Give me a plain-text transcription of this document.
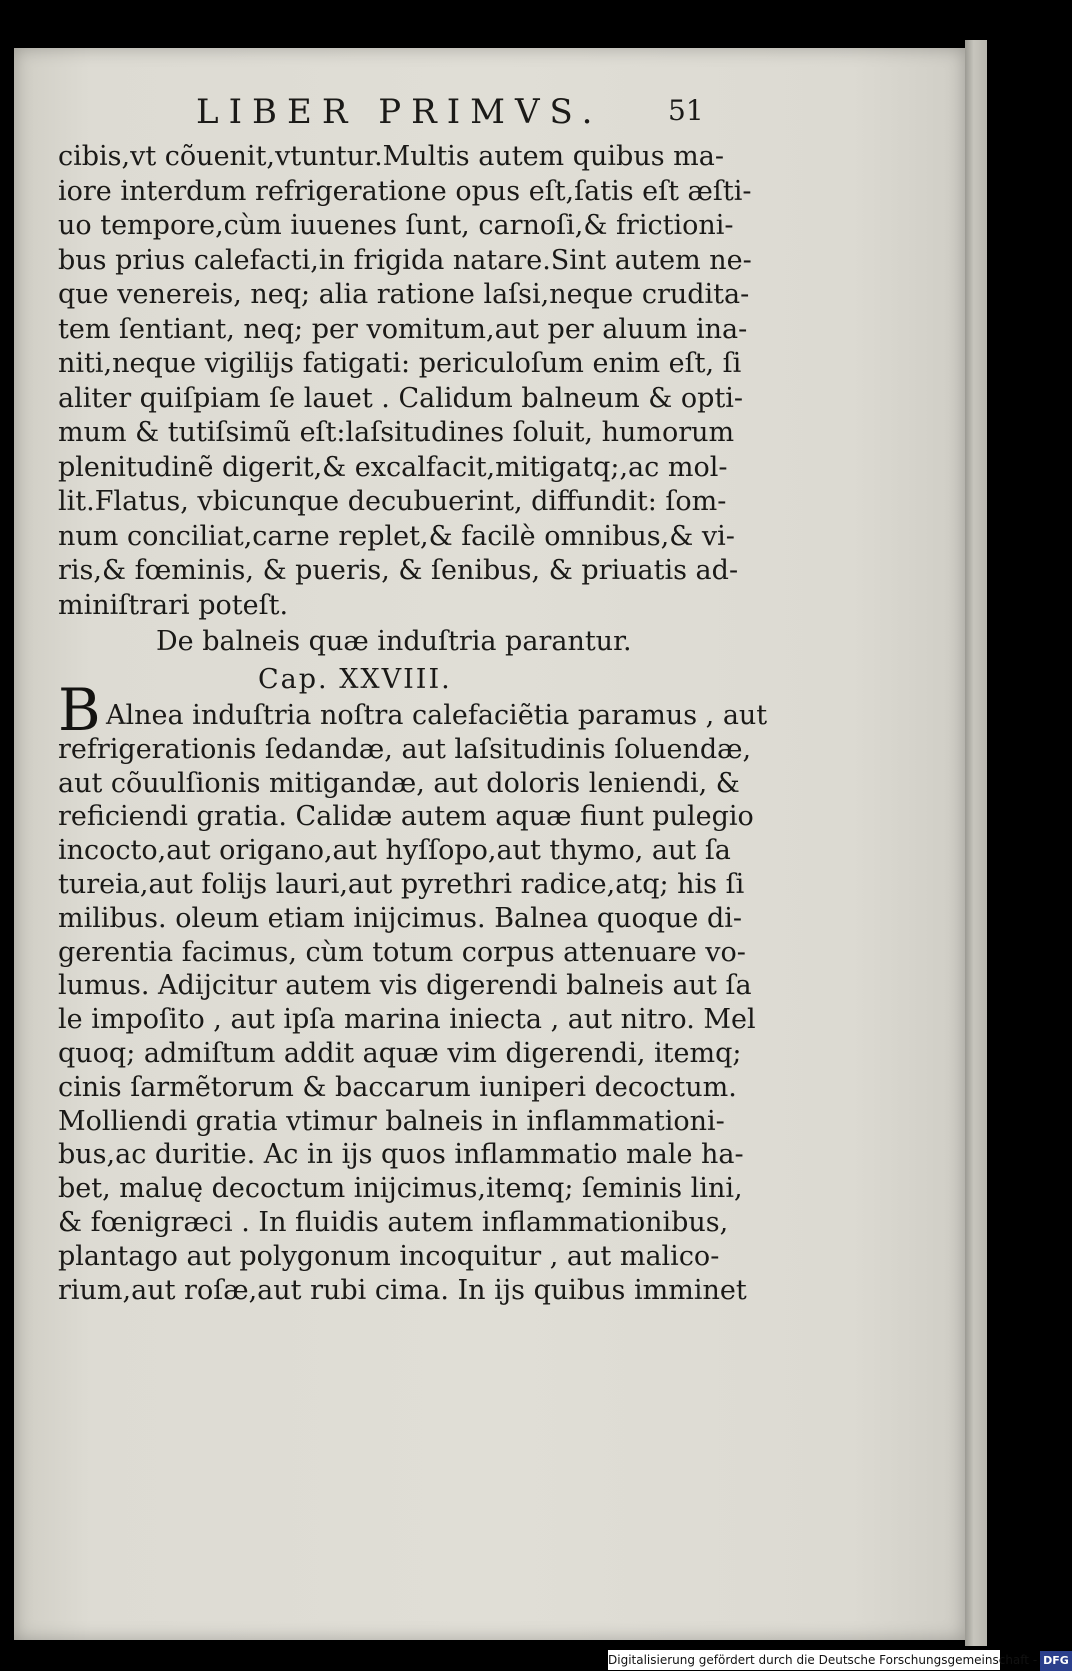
LIBER PRIMVS.	51
cibis,vt cõuenit,vtuntur.Multis autem quibus ma-
iore interdum refrigeratione opus eſt,ſatis eſt æſti-
uo tempore,cùm iuuenes ſunt, carnoſi,& frictioni-
bus prius calefacti,in frigida natare.Sint autem ne-
que venereis, neq; alia ratione laſsi,neque crudita-
tem ſentiant, neq; per vomitum,aut per aluum ina-
niti,neque vigilijs fatigati: periculoſum enim eſt, ſi
aliter quiſpiam ſe lauet . Calidum balneum & opti-
mum & tutiſsimũ eſt:laſsitudines ſoluit, humorum
plenitudinẽ digerit,& excalfacit,mitigatq;,ac mol-
lit.Flatus, vbicunque decubuerint, diffundit: ſom-
num conciliat,carne replet,& facilè omnibus,& vi-
ris,& fœminis, & pueris, & ſenibus, & priuatis ad-
miniſtrari poteſt.
De balneis quæ induſtria parantur.
Cap. XXVIII.
Alnea induſtria noſtra calefaciẽtia paramus , aut
refrigerationis ſedandæ, aut laſsitudinis ſoluendæ,
aut cõuulſionis mitigandæ, aut doloris leniendi, &
reficiendi gratia. Calidæ autem aquæ fiunt pulegio
incocto,aut origano,aut hyſſopo,aut thymo, aut ſa
tureia,aut folijs lauri,aut pyrethri radice,atq; his ſi
milibus. oleum etiam inijcimus. Balnea quoque di-
gerentia facimus, cùm totum corpus attenuare vo-
lumus. Adijcitur autem vis digerendi balneis aut ſa
le impoſito , aut ipſa marina iniecta , aut nitro. Mel
quoq; admiſtum addit aquæ vim digerendi, itemq;
cinis ſarmẽtorum & baccarum iuniperi decoctum.
Molliendi gratia vtimur balneis in inflammationi-
bus,ac duritie. Ac in ijs quos inflammatio male ha-
bet, maluę decoctum inijcimus,itemq; ſeminis lini,
& fœnigræci . In fluidis autem inflammationibus,
plantago aut polygonum incoquitur , aut malico-
rium,aut roſæ,aut rubi cima. In ijs quibus imminet
B
Digitalisierung gefördert durch die Deutsche Forschungsgemeinschaft - DFG
